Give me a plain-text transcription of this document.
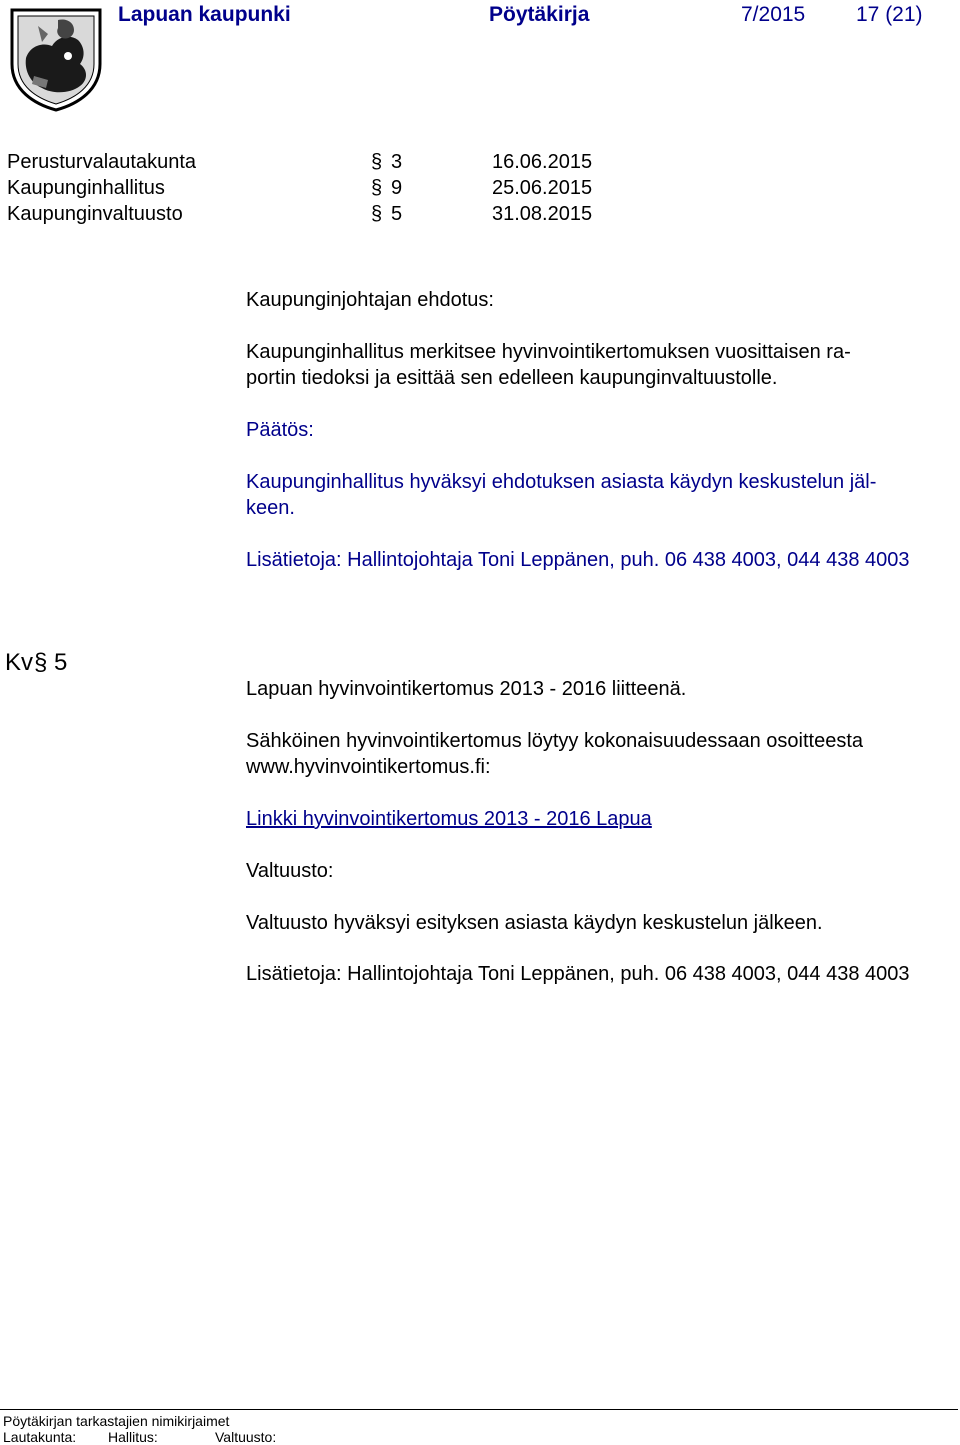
Lapuan kaupunki	Pöytäkirja	7/2015 17 (21)
Perusturvalautakunta	§ 3	16.06.2015
Kaupunginhallitus	§ 9	25.06.2015
Kaupunginvaltuusto	§ 5	31.08.2015
Kaupunginjohtajan ehdotus:
Kaupunginhallitus merkitsee hyvinvointikertomuksen vuosittaisen ra-
portin tiedoksi ja esittää sen edelleen kaupunginvaltuustolle.
Päätös:
Kaupunginhallitus hyväksyi ehdotuksen asiasta käydyn keskustelun jäl-
keen.
Lisätietoja: Hallintojohtaja Toni Leppänen, puh. 06 438 4003, 044 438 4003
Kv § 5
Lapuan hyvinvointikertomus 2013 - 2016 liitteenä.
Sähköinen hyvinvointikertomus löytyy kokonaisuudessaan osoitteesta
www.hyvinvointikertomus.fi:
Linkki hyvinvointikertomus 2013 - 2016 Lapua
Valtuusto:
Valtuusto hyväksyi esityksen asiasta käydyn keskustelun jälkeen.
Lisätietoja: Hallintojohtaja Toni Leppänen, puh. 06 438 4003, 044 438 4003
Pöytäkirjan tarkastajien nimikirjaimet
Lautakunta: Hallitus:	Valtuusto:
